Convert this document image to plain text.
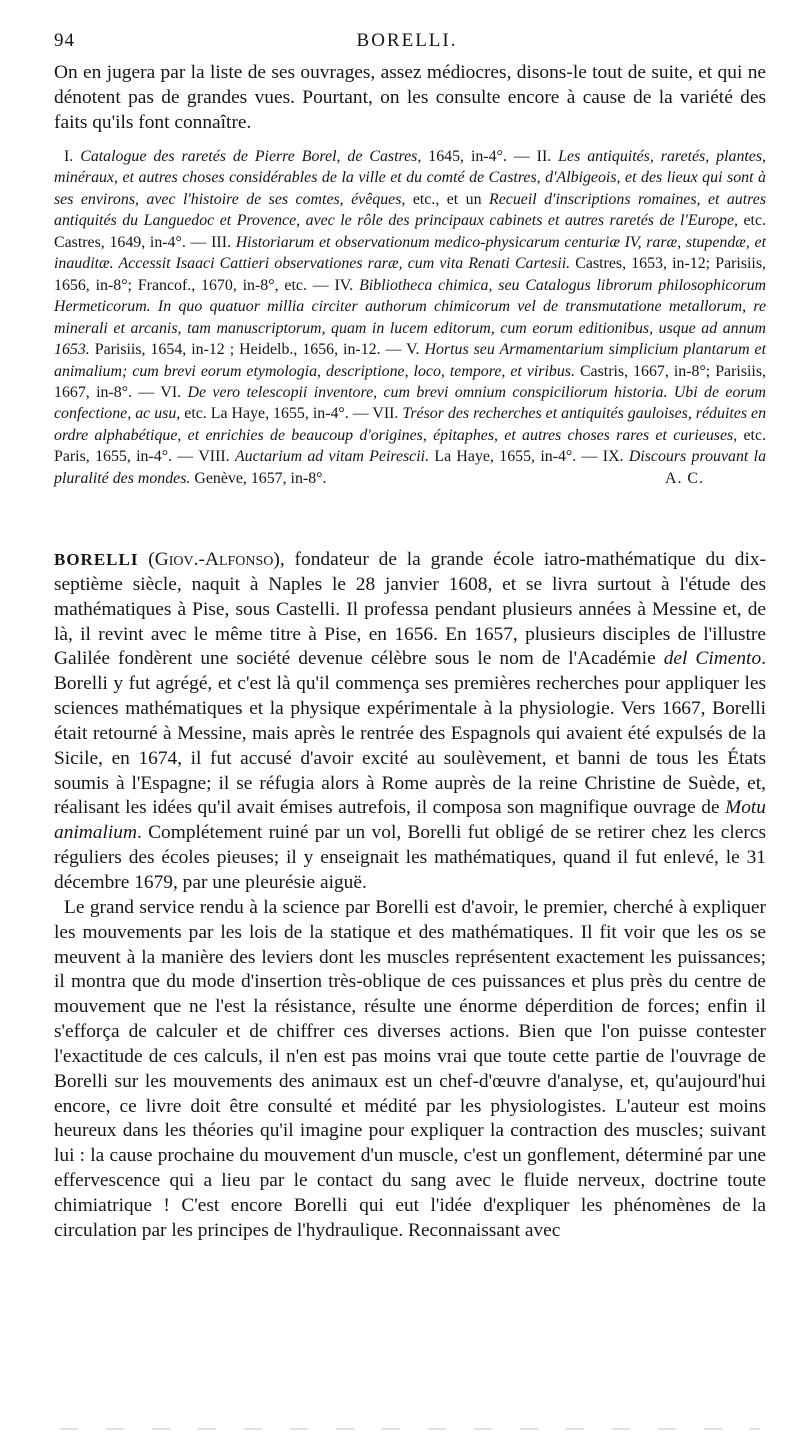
94	BORELLI.
On en jugera par la liste de ses ouvrages, assez médiocres, disons-le tout de suite, et qui ne dénotent pas de grandes vues. Pourtant, on les consulte encore à cause de la variété des faits qu'ils font connaître.
I. Catalogue des raretés de Pierre Borel, de Castres, 1645, in-4°. — II. Les antiquités, raretés, plantes, minéraux, et autres choses considérables de la ville et du comté de Castres, d'Albigeois, et des lieux qui sont à ses environs, avec l'histoire de ses comtes, évêques, etc., et un Recueil d'inscriptions romaines, et autres antiquités du Languedoc et Provence, avec le rôle des principaux cabinets et autres raretés de l'Europe, etc. Castres, 1649, in-4°. — III. Historiarum et observationum medico-physicarum centuriæ IV, raræ, stupendæ, et inauditæ. Accessit Isaaci Cattieri observationes raræ, cum vita Renati Cartesii. Castres, 1653, in-12; Parisiis, 1656, in-8°; Francof., 1670, in-8°, etc. — IV. Bibliotheca chimica, seu Catalogus librorum philosophicorum Hermeticorum. In quo quatuor millia circiter authorum chimicorum vel de transmutatione metallorum, re minerali et arcanis, tam manuscriptorum, quam in lucem editorum, cum eorum editionibus, usque ad annum 1653. Parisiis, 1654, in-12 ; Heidelb., 1656, in-12. — V. Hortus seu Armamentarium simplicium plantarum et animalium; cum brevi eorum etymologia, descriptione, loco, tempore, et viribus. Castris, 1667, in-8°; Parisiis, 1667, in-8°. — VI. De vero telescopii inventore, cum brevi omnium conspiciliorum historia. Ubi de eorum confectione, ac usu, etc. La Haye, 1655, in-4°. — VII. Trésor des recherches et antiquités gauloises, réduites en ordre alphabétique, et enrichies de beaucoup d'origines, épitaphes, et autres choses rares et curieuses, etc. Paris, 1655, in-4°. — VIII. Auctarium ad vitam Peirescii. La Haye, 1655, in-4°. — IX. Discours prouvant la pluralité des mondes. Genève, 1657, in-8°.	A. C.

BORELLI (Giov.-Alfonso), fondateur de la grande école iatro-mathématique du dix-septième siècle, naquit à Naples le 28 janvier 1608, et se livra surtout à l'étude des mathématiques à Pise, sous Castelli. Il professa pendant plusieurs années à Messine et, de là, il revint avec le même titre à Pise, en 1656. En 1657, plusieurs disciples de l'illustre Galilée fondèrent une société devenue célèbre sous le nom de l'Académie del Cimento. Borelli y fut agrégé, et c'est là qu'il commença ses premières recherches pour appliquer les sciences mathématiques et la physique expérimentale à la physiologie. Vers 1667, Borelli était retourné à Messine, mais après le rentrée des Espagnols qui avaient été expulsés de la Sicile, en 1674, il fut accusé d'avoir excité au soulèvement, et banni de tous les États soumis à l'Espagne; il se réfugia alors à Rome auprès de la reine Christine de Suède, et, réalisant les idées qu'il avait émises autrefois, il composa son magnifique ouvrage de Motu animalium. Complétement ruiné par un vol, Borelli fut obligé de se retirer chez les clercs réguliers des écoles pieuses; il y enseignait les mathématiques, quand il fut enlevé, le 31 décembre 1679, par une pleurésie aiguë.

Le grand service rendu à la science par Borelli est d'avoir, le premier, cherché à expliquer les mouvements par les lois de la statique et des mathématiques. Il fit voir que les os se meuvent à la manière des leviers dont les muscles représentent exactement les puissances; il montra que du mode d'insertion très-oblique de ces puissances et plus près du centre de mouvement que ne l'est la résistance, résulte une énorme déperdition de forces; enfin il s'efforça de calculer et de chiffrer ces diverses actions. Bien que l'on puisse contester l'exactitude de ces calculs, il n'en est pas moins vrai que toute cette partie de l'ouvrage de Borelli sur les mouvements des animaux est un chef-d'œuvre d'analyse, et, qu'aujourd'hui encore, ce livre doit être consulté et médité par les physiologistes. L'auteur est moins heureux dans les théories qu'il imagine pour expliquer la contraction des muscles; suivant lui : la cause prochaine du mouvement d'un muscle, c'est un gonflement, déterminé par une effervescence qui a lieu par le contact du sang avec le fluide nerveux, doctrine toute chimiatrique ! C'est encore Borelli qui eut l'idée d'expliquer les phénomènes de la circulation par les principes de l'hydraulique. Reconnaissant avec
